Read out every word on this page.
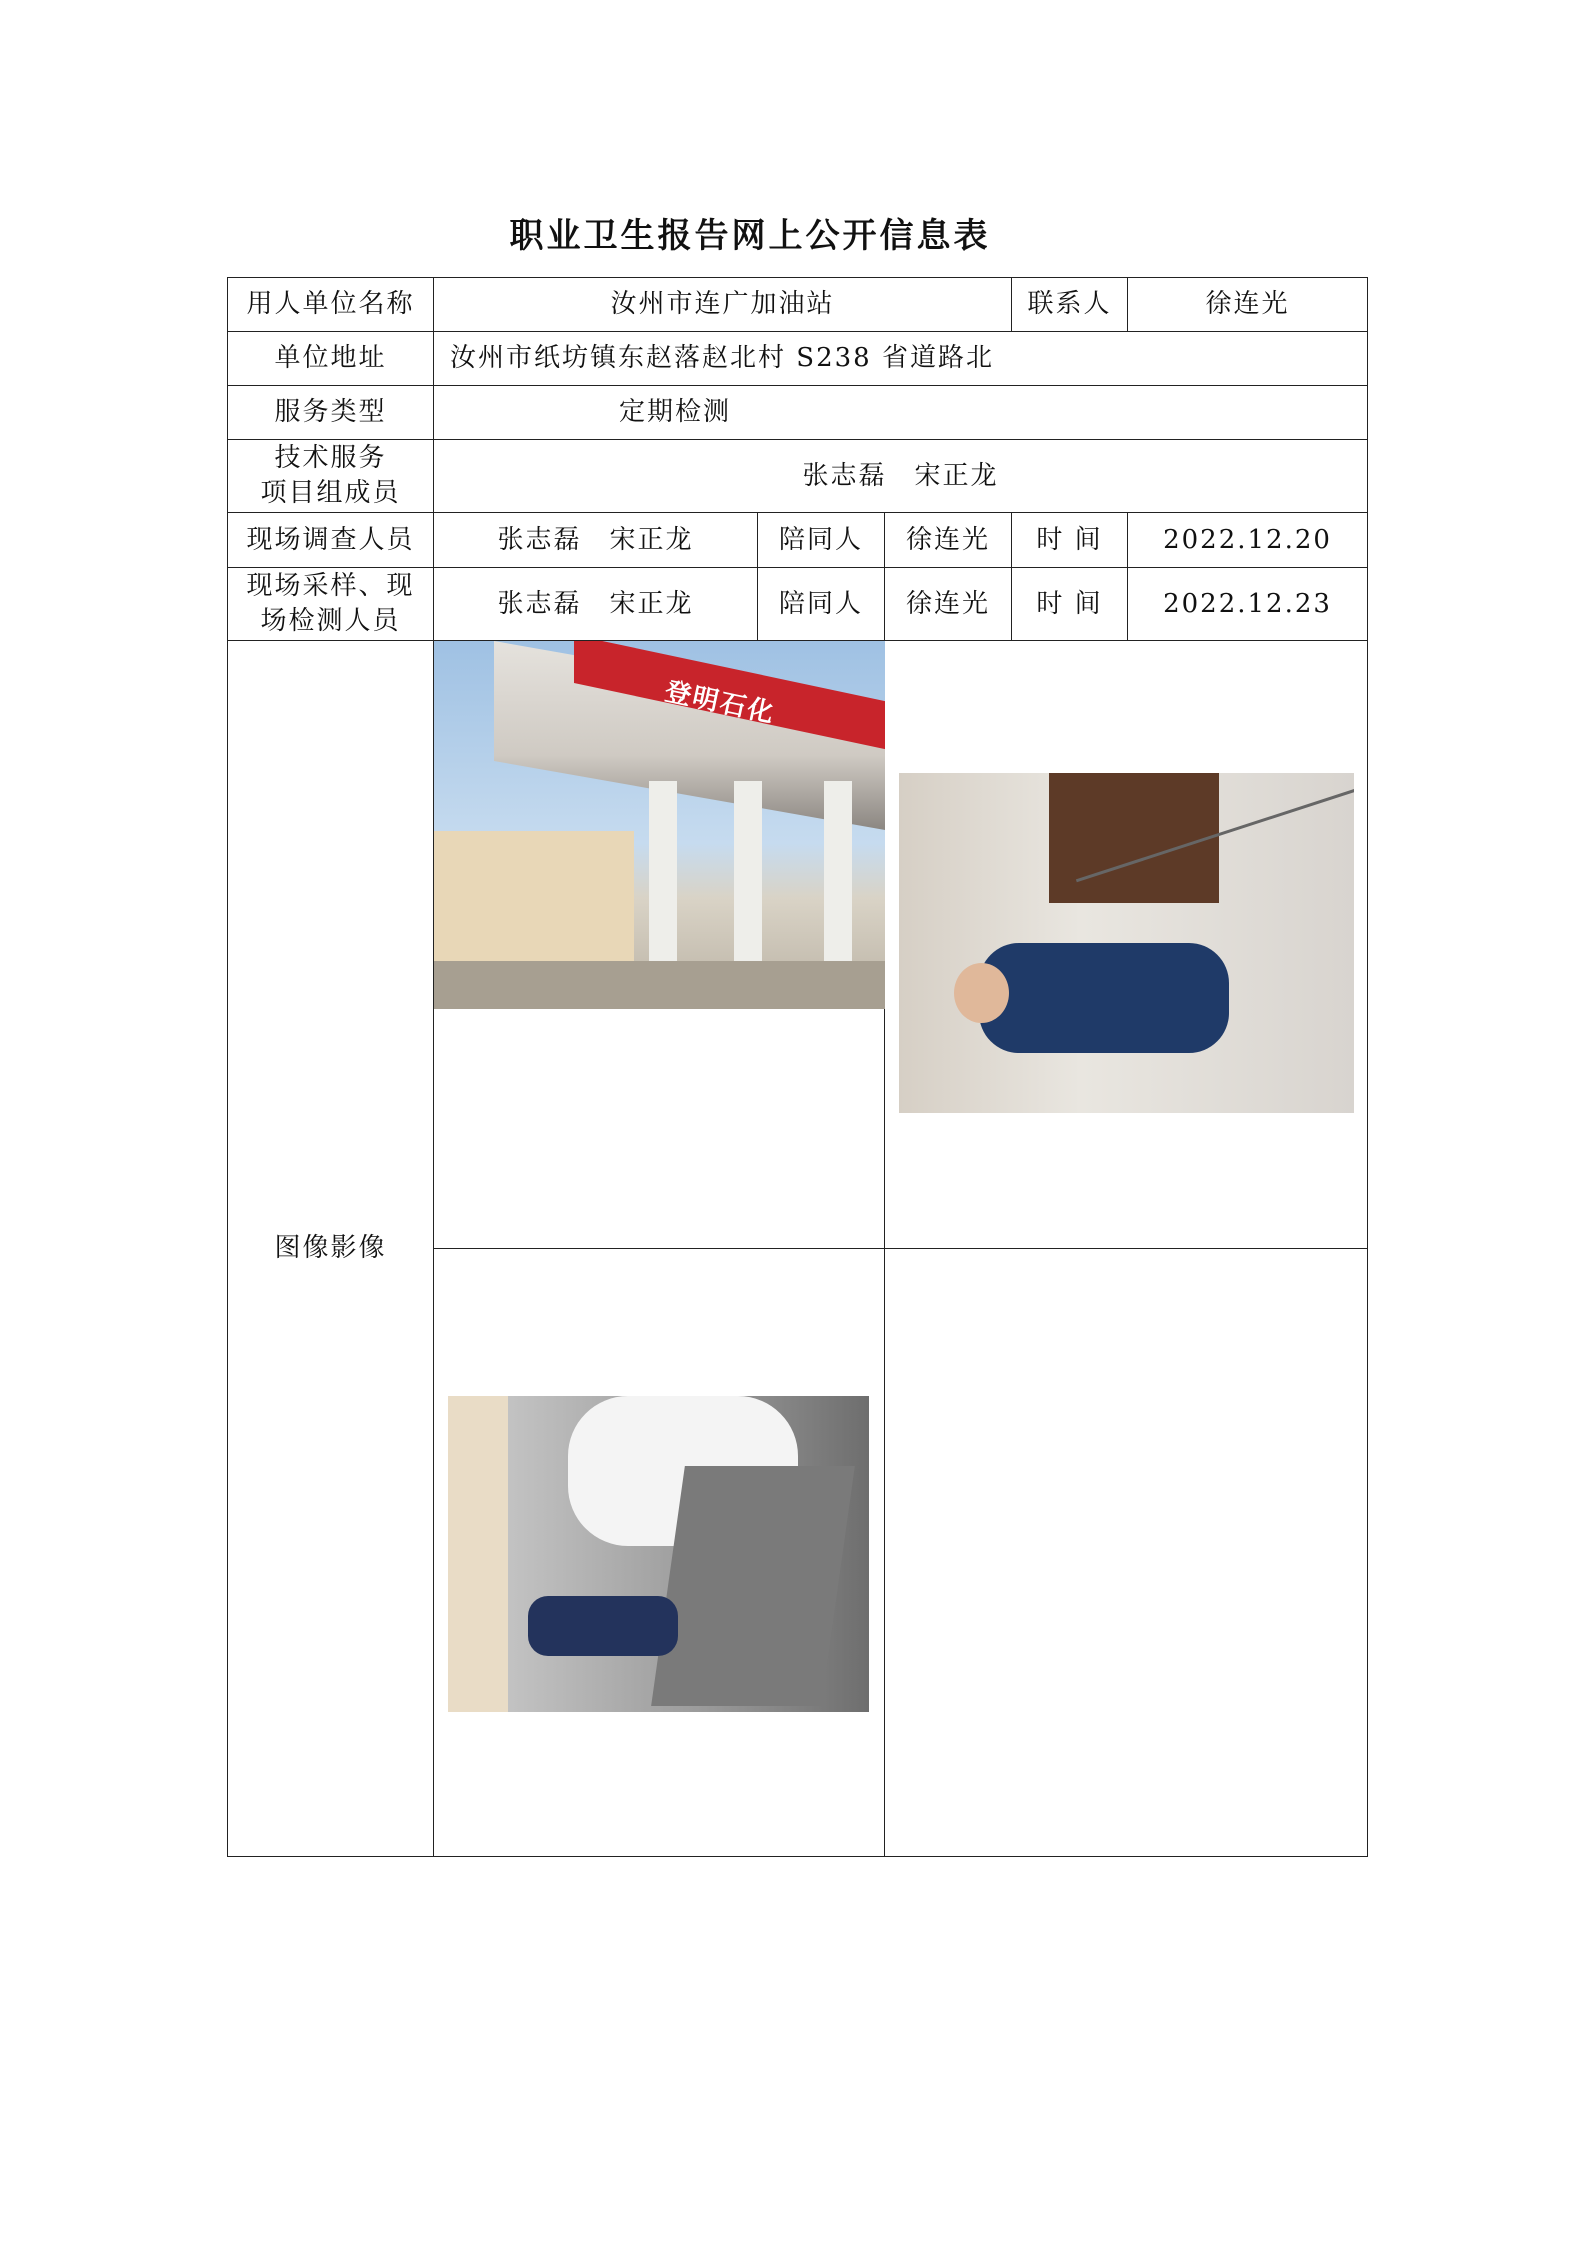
职业卫生报告网上公开信息表
用人单位名称	汝州市连广加油站			联系人	徐连光
单位地址	汝州市纸坊镇东赵落赵北村 S238 省道路北				
服务类型	定期检测				

技术服务
项目组成员	张志磊　宋正龙				
现场调查人员	张志磊　宋正龙	陪同人	徐连光	时 间	2022.12.20

现场采样、现
场检测人员	张志磊　宋正龙	陪同人	徐连光	时 间	2022.12.23
图像影像	登明石化				
